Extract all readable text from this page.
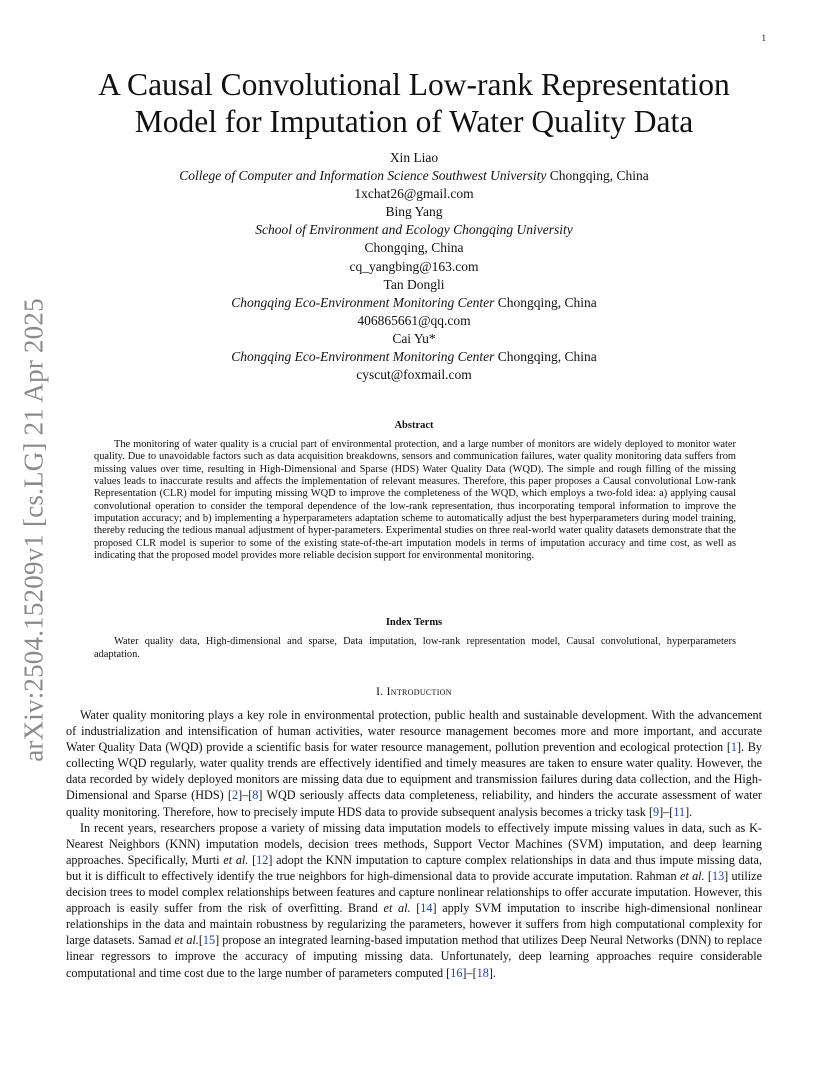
1
arXiv:2504.15209v1 [cs.LG] 21 Apr 2025
A Causal Convolutional Low-rank Representation Model for Imputation of Water Quality Data
Xin Liao
College of Computer and Information Science Southwest University Chongqing, China
1xchat26@gmail.com
Bing Yang
School of Environment and Ecology Chongqing University
Chongqing, China
cq_yangbing@163.com
Tan Dongli
Chongqing Eco-Environment Monitoring Center Chongqing, China
406865661@qq.com
Cai Yu*
Chongqing Eco-Environment Monitoring Center Chongqing, China
cyscut@foxmail.com
Abstract

The monitoring of water quality is a crucial part of environmental protection, and a large number of monitors are widely deployed to monitor water quality. Due to unavoidable factors such as data acquisition breakdowns, sensors and communication failures, water quality monitoring data suffers from missing values over time, resulting in High-Dimensional and Sparse (HDS) Water Quality Data (WQD). The simple and rough filling of the missing values leads to inaccurate results and affects the implementation of relevant measures. Therefore, this paper proposes a Causal convolutional Low-rank Representation (CLR) model for imputing missing WQD to improve the completeness of the WQD, which employs a two-fold idea: a) applying causal convolutional operation to consider the temporal dependence of the low-rank representation, thus incorporating temporal information to improve the imputation accuracy; and b) implementing a hyperparameters adaptation scheme to automatically adjust the best hyperparameters during model training, thereby reducing the tedious manual adjustment of hyper-parameters. Experimental studies on three real-world water quality datasets demonstrate that the proposed CLR model is superior to some of the existing state-of-the-art imputation models in terms of imputation accuracy and time cost, as well as indicating that the proposed model provides more reliable decision support for environmental monitoring.

Index Terms

Water quality data, High-dimensional and sparse, Data imputation, low-rank representation model, Causal convolutional, hyperparameters adaptation.

I. Introduction

Water quality monitoring plays a key role in environmental protection, public health and sustainable development. With the advancement of industrialization and intensification of human activities, water resource management becomes more and more important, and accurate Water Quality Data (WQD) provide a scientific basis for water resource management, pollution prevention and ecological protection [1]. By collecting WQD regularly, water quality trends are effectively identified and timely measures are taken to ensure water quality. However, the data recorded by widely deployed monitors are missing data due to equipment and transmission failures during data collection, and the High-Dimensional and Sparse (HDS) [2]–[8] WQD seriously affects data completeness, reliability, and hinders the accurate assessment of water quality monitoring. Therefore, how to precisely impute HDS data to provide subsequent analysis becomes a tricky task [9]–[11].

In recent years, researchers propose a variety of missing data imputation models to effectively impute missing values in data, such as K-Nearest Neighbors (KNN) imputation models, decision trees methods, Support Vector Machines (SVM) imputation, and deep learning approaches. Specifically, Murti et al. [12] adopt the KNN imputation to capture complex relationships in data and thus impute missing data, but it is difficult to effectively identify the true neighbors for high-dimensional data to provide accurate imputation. Rahman et al. [13] utilize decision trees to model complex relationships between features and capture nonlinear relationships to offer accurate imputation. However, this approach is easily suffer from the risk of overfitting. Brand et al. [14] apply SVM imputation to inscribe high-dimensional nonlinear relationships in the data and maintain robustness by regularizing the parameters, however it suffers from high computational complexity for large datasets. Samad et al.[15] propose an integrated learning-based imputation method that utilizes Deep Neural Networks (DNN) to replace linear regressors to improve the accuracy of imputing missing data. Unfortunately, deep learning approaches require considerable computational and time cost due to the large number of parameters computed [16]–[18].
